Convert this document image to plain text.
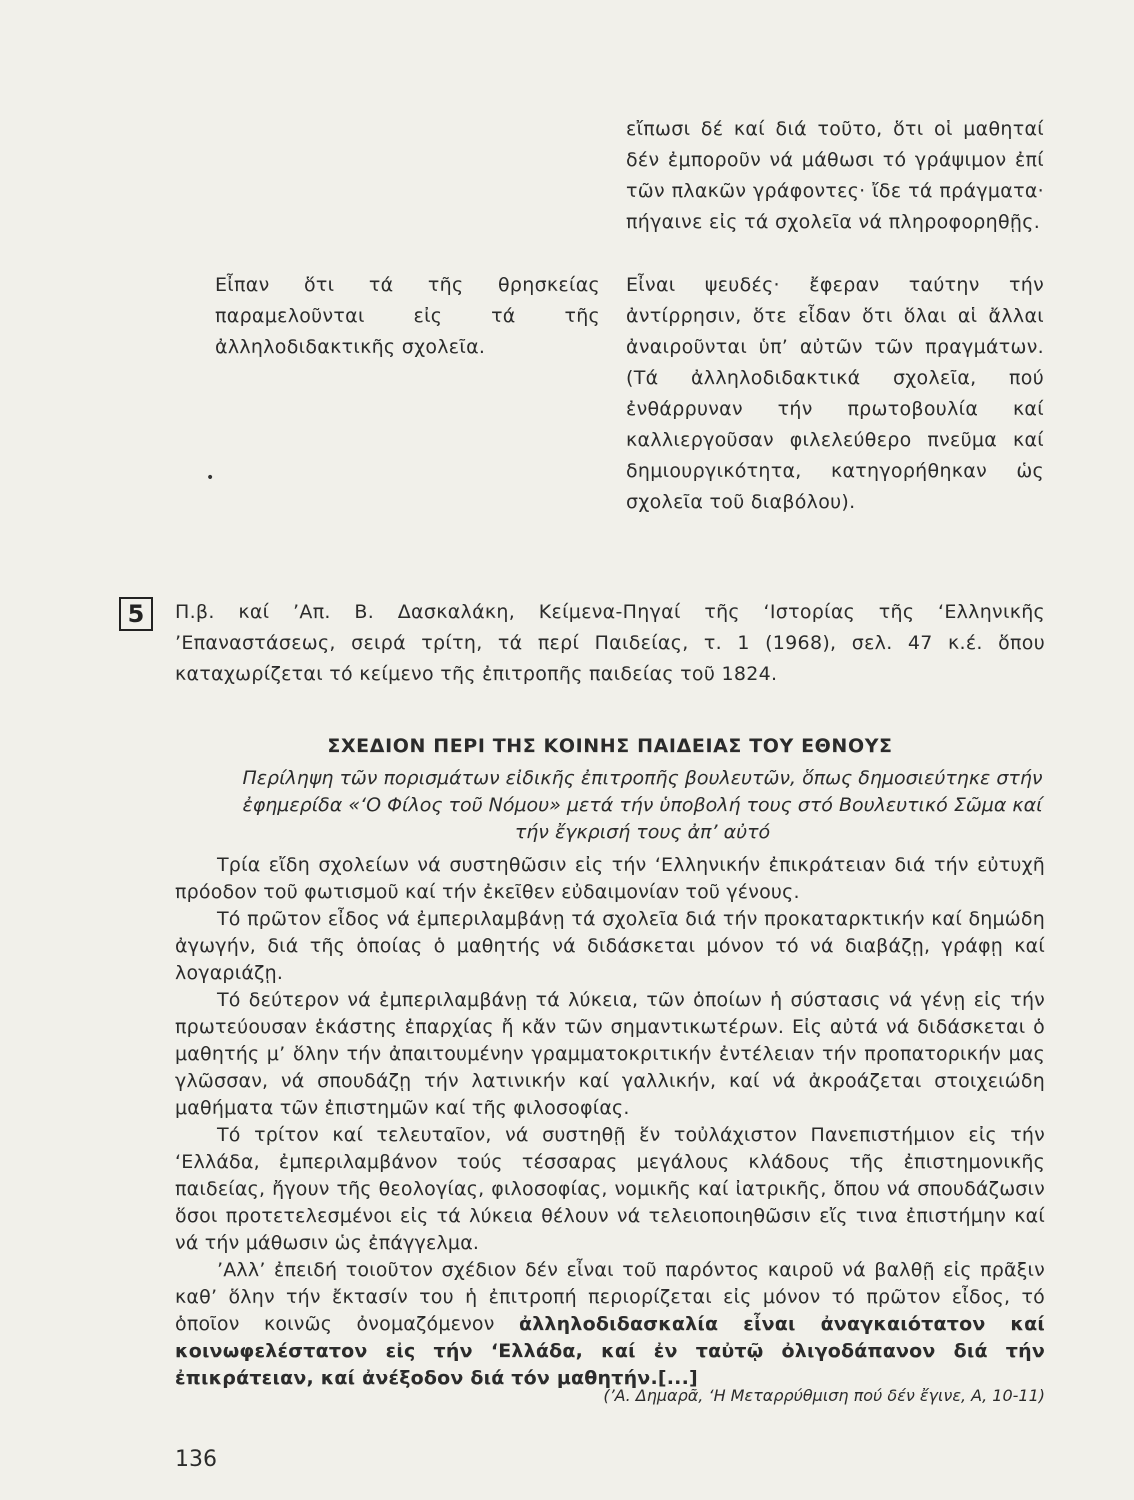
εἴπωσι δέ καί διά τοῦτο, ὅτι οἱ μαθηταί δέν ἐμποροῦν νά μάθωσι τό γράψιμον ἐπί τῶν πλακῶν γράφοντες· ἴδε τά πράγματα· πήγαινε εἰς τά σχολεῖα νά πληροφορηθῇς.

Εἶπαν ὅτι τά τῆς θρησκείας παραμελοῦνται εἰς τά τῆς ἀλληλοδιδακτικῆς σχολεῖα.

Εἶναι ψευδές· ἔφεραν ταύτην τήν ἀντίρρησιν, ὅτε εἶδαν ὅτι ὅλαι αἱ ἄλλαι ἀναιροῦνται ὑπ’ αὐτῶν τῶν πραγμάτων. (Τά ἀλληλοδιδακτικά σχολεῖα, πού ἐνθάρρυναν τήν πρωτοβουλία καί καλλιεργοῦσαν φιλελεύθερο πνεῦμα καί δημιουργικότητα, κατηγορήθηκαν ὡς σχολεῖα τοῦ διαβόλου).

•
5	Π.β. καί ’Απ. Β. Δασκαλάκη, Κείμενα-Πηγαί τῆς ‘Ιστορίας τῆς ‘Ελληνικῆς ’Επαναστάσεως, σειρά τρίτη, τά περί Παιδείας, τ. 1 (1968), σελ. 47 κ.έ. ὅπου καταχωρίζεται τό κείμενο τῆς ἐπιτροπῆς παιδείας τοῦ 1824.

ΣΧΕΔΙΟΝ ΠΕΡΙ ΤΗΣ ΚΟΙΝΗΣ ΠΑΙΔΕΙΑΣ ΤΟΥ ΕΘΝΟΥΣ

Περίληψη τῶν πορισμάτων εἰδικῆς ἐπιτροπῆς βουλευτῶν, ὅπως δημοσιεύτηκε στήν ἐφημερίδα «‘Ο Φίλος τοῦ Νόμου» μετά τήν ὑποβολή τους στό Βουλευτικό Σῶμα καί τήν ἔγκρισή τους ἀπ’ αὐτό

Τρία εἴδη σχολείων νά συστηθῶσιν εἰς τήν ‘Ελληνικήν ἐπικράτειαν διά τήν εὐτυχῆ πρόοδον τοῦ φωτισμοῦ καί τήν ἐκεῖθεν εὐδαιμονίαν τοῦ γένους.

Τό πρῶτον εἶδος νά ἐμπεριλαμβάνῃ τά σχολεῖα διά τήν προκαταρκτικήν καί δημώδη ἀγωγήν, διά τῆς ὁποίας ὁ μαθητής νά διδάσκεται μόνον τό νά διαβάζῃ, γράφῃ καί λογαριάζῃ.

Τό δεύτερον νά ἐμπεριλαμβάνῃ τά λύκεια, τῶν ὁποίων ἡ σύστασις νά γένῃ εἰς τήν πρωτεύουσαν ἑκάστης ἐπαρχίας ἤ κἄν τῶν σημαντικωτέρων. Εἰς αὐτά νά διδάσκεται ὁ μαθητής μ’ ὅλην τήν ἀπαιτουμένην γραμματοκριτικήν ἐντέλειαν τήν προπατορικήν μας γλῶσσαν, νά σπουδάζῃ τήν λατινικήν καί γαλλικήν, καί νά ἀκροάζεται στοιχειώδη μαθήματα τῶν ἐπιστημῶν καί τῆς φιλοσοφίας.

Τό τρίτον καί τελευταῖον, νά συστηθῇ ἕν τοὐλάχιστον Πανεπιστήμιον εἰς τήν ‘Ελλάδα, ἐμπεριλαμβάνον τούς τέσσαρας μεγάλους κλάδους τῆς ἐπιστημονικῆς παιδείας, ἤγουν τῆς θεολογίας, φιλοσοφίας, νομικῆς καί ἰατρικῆς, ὅπου νά σπουδάζωσιν ὅσοι προτετελεσμένοι εἰς τά λύκεια θέλουν νά τελειοποιηθῶσιν εἴς τινα ἐπιστήμην καί νά τήν μάθωσιν ὡς ἐπάγγελμα.

’Αλλ’ ἐπειδή τοιοῦτον σχέδιον δέν εἶναι τοῦ παρόντος καιροῦ νά βαλθῇ εἰς πρᾶξιν καθ’ ὅλην τήν ἔκτασίν του ἡ ἐπιτροπή περιορίζεται εἰς μόνον τό πρῶτον εἶδος, τό ὁποῖον κοινῶς ὀνομαζόμενον ἀλληλοδιδασκαλία εἶναι ἀναγκαιότατον καί κοινωφελέστατον εἰς τήν ‘Ελλάδα, καί ἐν ταὐτῷ ὀλιγοδάπανον διά τήν ἐπικράτειαν, καί ἀνέξοδον διά τόν μαθητήν.[...]

(’Α. Δημαρᾶ, ‘Η Μεταρρύθμιση πού δέν ἔγινε, Α, 10-11)

136
